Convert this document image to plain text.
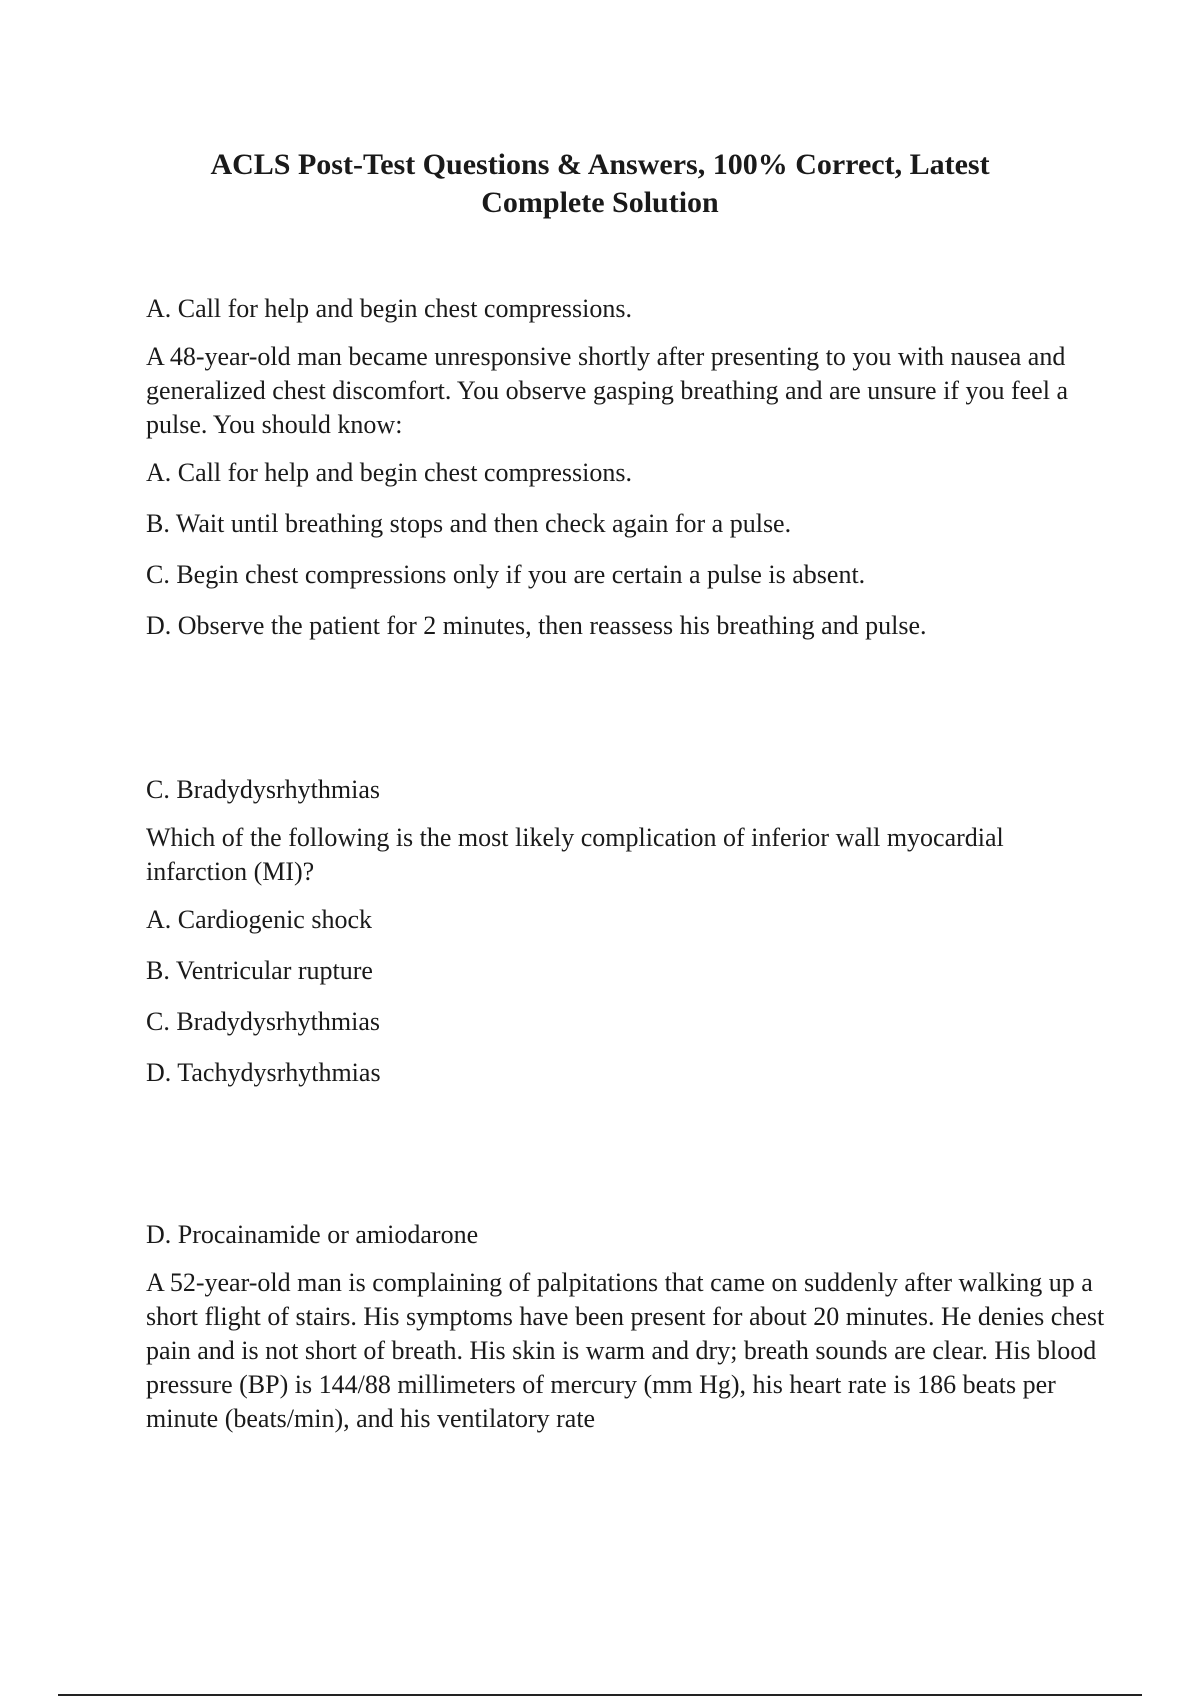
ACLS Post-Test Questions & Answers, 100% Correct, Latest
Complete Solution

A. Call for help and begin chest compressions.

A 48-year-old man became unresponsive shortly after presenting to you with nausea and generalized chest discomfort. You observe gasping breathing and are unsure if you feel a pulse. You should know:

A. Call for help and begin chest compressions.

B. Wait until breathing stops and then check again for a pulse.

C. Begin chest compressions only if you are certain a pulse is absent.

D. Observe the patient for 2 minutes, then reassess his breathing and pulse.

C. Bradydysrhythmias

Which of the following is the most likely complication of inferior wall myocardial infarction (MI)?

A. Cardiogenic shock

B. Ventricular rupture

C. Bradydysrhythmias

D. Tachydysrhythmias

D. Procainamide or amiodarone

A 52-year-old man is complaining of palpitations that came on suddenly after walking up a short flight of stairs. His symptoms have been present for about 20 minutes. He denies chest pain and is not short of breath. His skin is warm and dry; breath sounds are clear. His blood pressure (BP) is 144/88 millimeters of mercury (mm Hg), his heart rate is 186 beats per minute (beats/min), and his ventilatory rate
